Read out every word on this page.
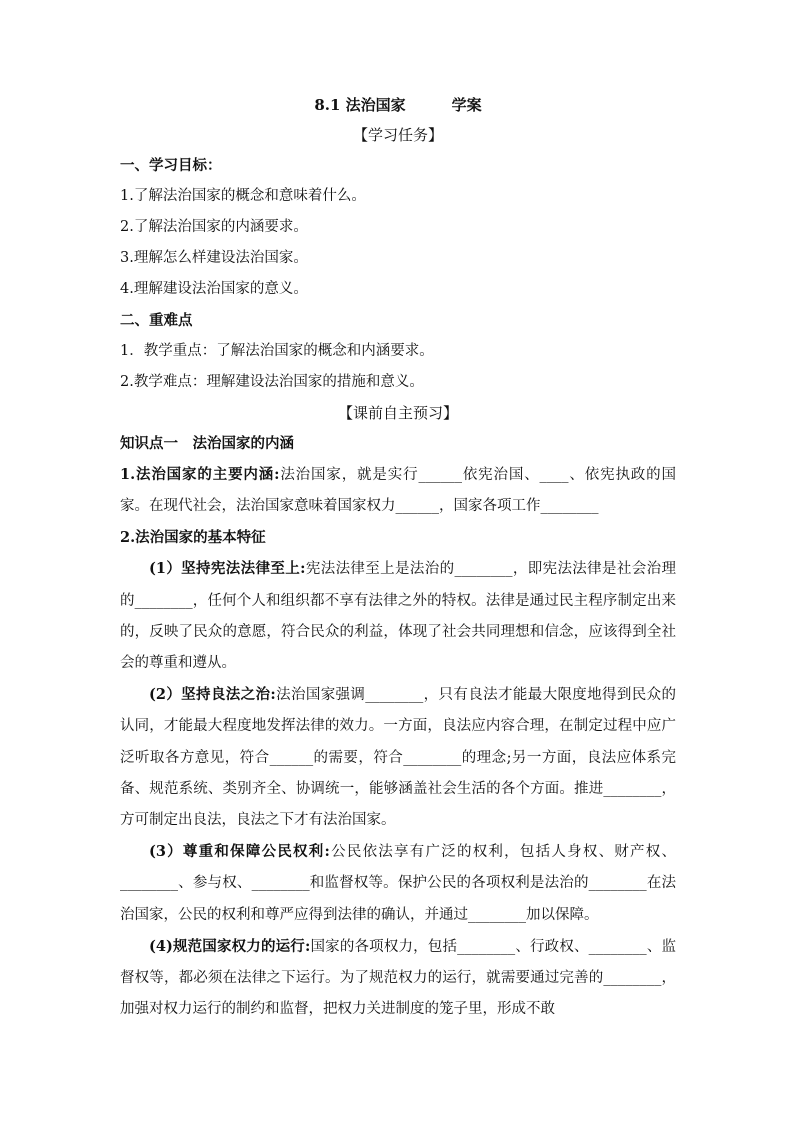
8.1 法治国家	学案
【学习任务】
一、学习目标：
1.了解法治国家的概念和意味着什么。
2.了解法治国家的内涵要求。
3.理解怎么样建设法治国家。
4.理解建设法治国家的意义。
二、重难点
1．教学重点：了解法治国家的概念和内涵要求。
2.教学难点：理解建设法治国家的措施和意义。
【课前自主预习】
知识点一　法治国家的内涵
1.法治国家的主要内涵:法治国家，就是实行______依宪治国、____、依宪执政的国家。在现代社会，法治国家意味着国家权力______，国家各项工作________
2.法治国家的基本特征
(1）坚持宪法法律至上:宪法法律至上是法治的________，即宪法法律是社会治理的________，任何个人和组织都不享有法律之外的特权。法律是通过民主程序制定出来的，反映了民众的意愿，符合民众的利益，体现了社会共同理想和信念，应该得到全社会的尊重和遵从。
(2）坚持良法之治:法治国家强调________，只有良法才能最大限度地得到民众的认同，才能最大程度地发挥法律的效力。一方面，良法应内容合理，在制定过程中应广泛听取各方意见，符合______的需要，符合________的理念;另一方面，良法应体系完备、规范系统、类别齐全、协调统一，能够涵盖社会生活的各个方面。推进________，方可制定出良法，良法之下才有法治国家。
(3）尊重和保障公民权利:公民依法享有广泛的权利，包括人身权、财产权、________、参与权、________和监督权等。保护公民的各项权利是法治的________在法治国家，公民的权利和尊严应得到法律的确认，并通过________加以保障。
(4)规范国家权力的运行:国家的各项权力，包括________、行政权、________、监督权等，都必须在法律之下运行。为了规范权力的运行，就需要通过完善的________，加强对权力运行的制约和监督，把权力关进制度的笼子里，形成不敢
